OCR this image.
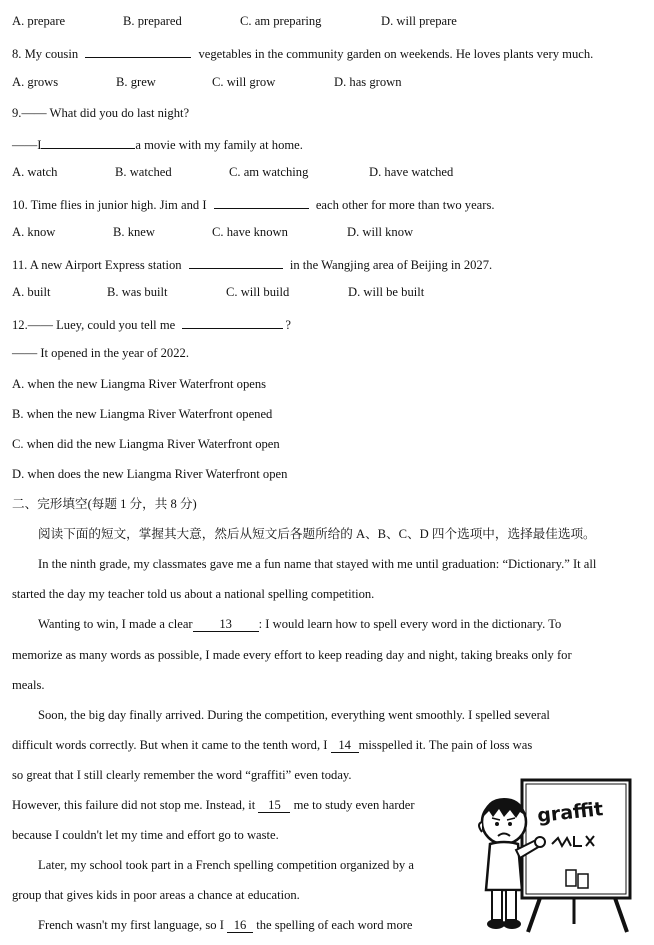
A. prepare	B. prepared	C. am preparing	D. will prepare
8. My cousin	vegetables in the community garden on weekends. He loves plants very much.
A. grows	B. grew	C. will grow	D. has grown
9.—— What did you do last night?
——I	a movie with my family at home.
A. watch	B. watched	C. am watching	D. have watched
10. Time flies in junior high. Jim and I	each other for more than two years.
A. know	B. knew	C. have known	D. will know
11. A new Airport Express station	in the Wangjing area of Beijing in 2027.
A. built	B. was built	C. will build	D. will be built
12.—— Luey, could you tell me	?
—— It opened in the year of 2022.
A. when the new Liangma River Waterfront opens
B. when the new Liangma River Waterfront opened
C. when did the new Liangma River Waterfront open
D. when does the new Liangma River Waterfront open
二、完形填空(每题 1 分，共 8 分)
阅读下面的短文，掌握其大意，然后从短文后各题所给的 A、B、C、D 四个选项中，选择最佳选项。
In the ninth grade, my classmates gave me a fun name that stayed with me until graduation: “Dictionary.” It all
started the day my teacher told us about a national spelling competition.
Wanting to win, I made a clear 13 : I would learn how to spell every word in the dictionary. To
memorize as many words as possible, I made every effort to keep reading day and night, taking breaks only for
meals.
Soon, the big day finally arrived. During the competition, everything went smoothly. I spelled several
difficult words correctly. But when it came to the tenth word, I 14 misspelled it. The pain of loss was
so great that I still clearly remember the word “graffiti” even today.
However, this failure did not stop me. Instead, it 15 me to study even harder
because I couldn't let my time and effort go to waste.
Later, my school took part in a French spelling competition organized by a
group that gives kids in poor areas a chance at education.
French wasn't my first language, so I 16 the spelling of each word more
graffit
